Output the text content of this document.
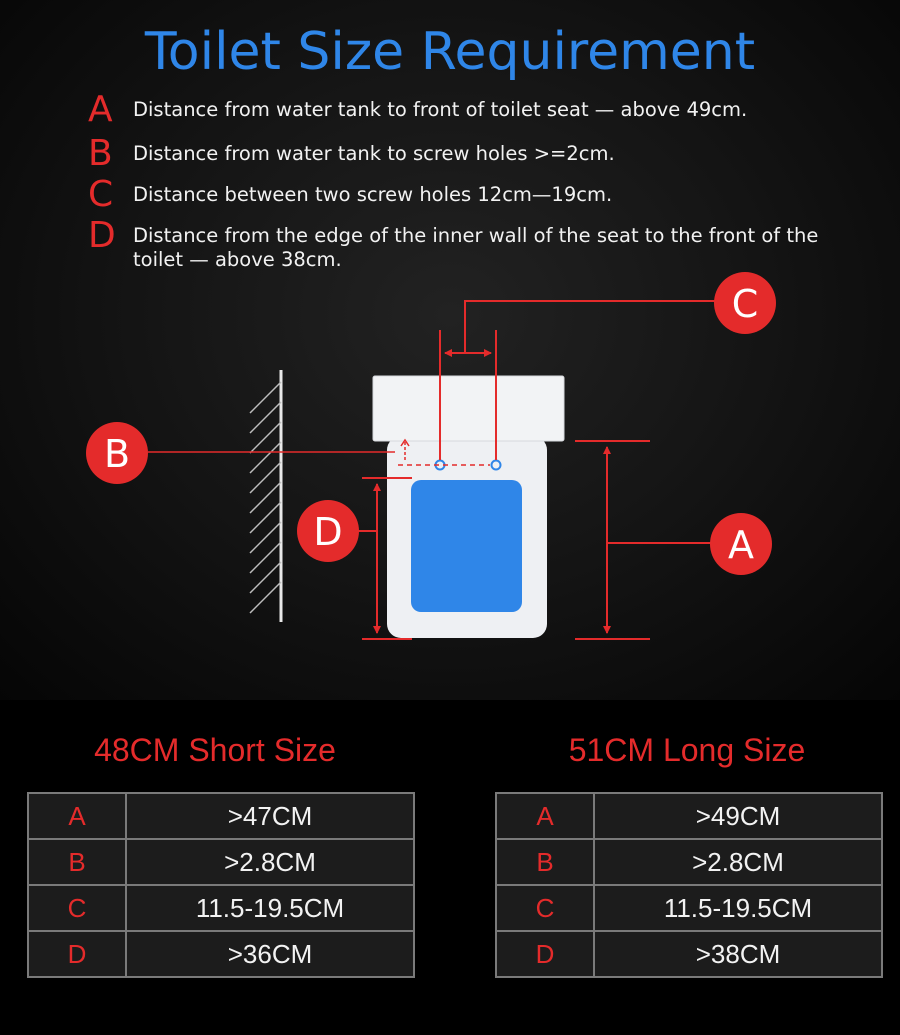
Toilet Size Requirement
A Distance from water tank to front of toilet seat — above 49cm.
B Distance from water tank to screw holes >=2cm.
C Distance between two screw holes 12cm—19cm.
D Distance from the edge of the inner wall of the seat to the front of the toilet — above 38cm.
C
B
D	A
48CM Short Size
A	>47CM
B	>2.8CM
C	11.5-19.5CM
D	>36CM
51CM Long Size
A	>49CM
B	>2.8CM
C	11.5-19.5CM
D	>38CM
